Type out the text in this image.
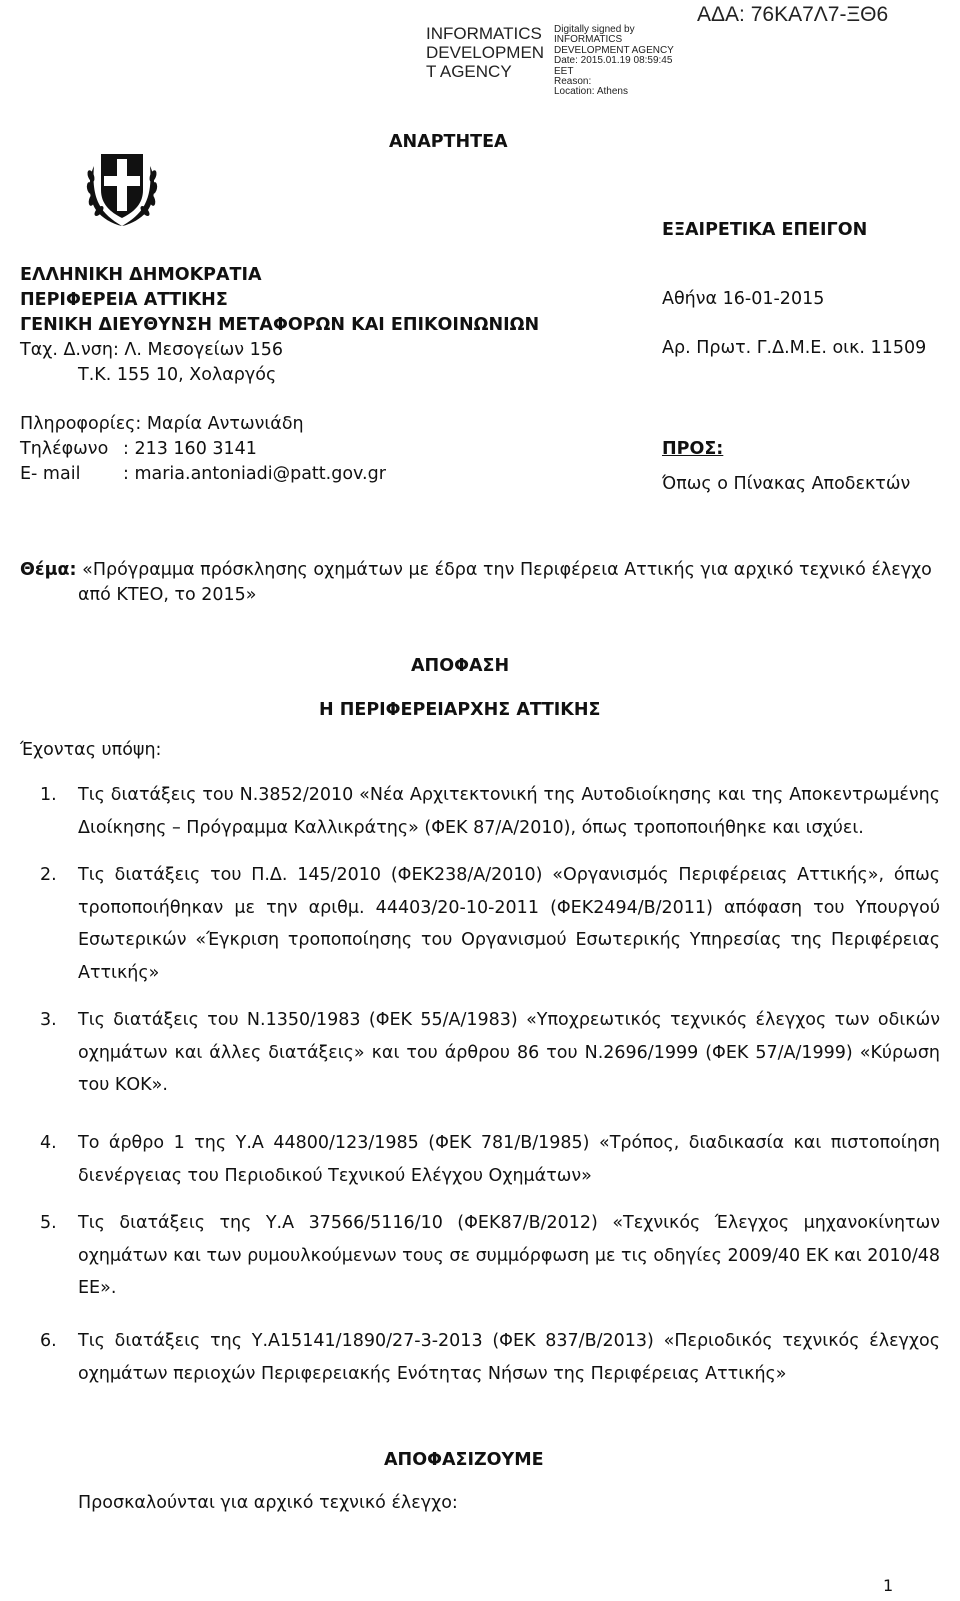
INFORMATICS DEVELOPMEN T AGENCY
Digitally signed by
INFORMATICS
DEVELOPMENT AGENCY
Date: 2015.01.19 08:59:45
EET
Reason:
Location: Athens
ΑΔΑ: 76ΚΑ7Λ7-ΞΘ6
ΑΝΑΡΤΗΤΕΑ
ΕΞΑΙΡΕΤΙΚΑ ΕΠΕΙΓΟΝ
ΕΛΛΗΝΙΚΗ ΔΗΜΟΚΡΑΤΙΑ
ΠΕΡΙΦΕΡΕΙΑ ΑΤΤΙΚΗΣ
ΓΕΝΙΚΗ ΔΙΕΥΘΥΝΣΗ ΜΕΤΑΦΟΡΩΝ ΚΑΙ ΕΠΙΚΟΙΝΩΝΙΩΝ
Ταχ. Δ.νση: Λ. Μεσογείων 156
Τ.Κ. 155 10, Χολαργός
Πληροφορίες: Μαρία Αντωνιάδη
Τηλέφωνο : 213 160 3141
E- mail : maria.antoniadi@patt.gov.gr
Αθήνα 16-01-2015
Αρ. Πρωτ. Γ.Δ.Μ.Ε. οικ. 11509
ΠΡΟΣ:
Όπως ο Πίνακας Αποδεκτών
Θέμα: «Πρόγραμμα πρόσκλησης οχημάτων με έδρα την Περιφέρεια Αττικής για αρχικό τεχνικό έλεγχο
από ΚΤΕΟ, το 2015»
ΑΠΟΦΑΣΗ
Η ΠΕΡΙΦΕΡΕΙΑΡΧΗΣ ΑΤΤΙΚΗΣ
Έχοντας υπόψη:
1.	Τις διατάξεις του Ν.3852/2010 «Νέα Αρχιτεκτονική της Αυτοδιοίκησης και της Αποκεντρωμένης Διοίκησης – Πρόγραμμα Καλλικράτης» (ΦΕΚ 87/Α/2010), όπως τροποποιήθηκε και ισχύει.
2.	Τις διατάξεις του Π.Δ. 145/2010 (ΦΕΚ238/Α/2010) «Οργανισμός Περιφέρειας Αττικής», όπως τροποποιήθηκαν με την αριθμ. 44403/20-10-2011 (ΦΕΚ2494/Β/2011) απόφαση του Υπουργού Εσωτερικών «Έγκριση τροποποίησης του Οργανισμού Εσωτερικής Υπηρεσίας της Περιφέρειας Αττικής»
3.	Τις διατάξεις του Ν.1350/1983 (ΦΕΚ 55/Α/1983) «Υποχρεωτικός τεχνικός έλεγχος των οδικών οχημάτων και άλλες διατάξεις» και του άρθρου 86 του Ν.2696/1999 (ΦΕΚ 57/Α/1999) «Κύρωση του ΚΟΚ».
4.	Το άρθρο 1 της Υ.Α 44800/123/1985 (ΦΕΚ 781/Β/1985) «Τρόπος, διαδικασία και πιστοποίηση διενέργειας του Περιοδικού Τεχνικού Ελέγχου Οχημάτων»
5.	Τις διατάξεις της Υ.Α 37566/5116/10 (ΦΕΚ87/Β/2012) «Τεχνικός Έλεγχος μηχανοκίνητων οχημάτων και των ρυμουλκούμενων τους σε συμμόρφωση με τις οδηγίες 2009/40 ΕΚ και 2010/48 ΕΕ».
6.	Τις διατάξεις της Υ.Α15141/1890/27-3-2013 (ΦΕΚ 837/Β/2013) «Περιοδικός τεχνικός έλεγχος οχημάτων περιοχών Περιφερειακής Ενότητας Νήσων της Περιφέρειας Αττικής»
ΑΠΟΦΑΣΙΖΟΥΜΕ
Προσκαλούνται για αρχικό τεχνικό έλεγχο:
1
